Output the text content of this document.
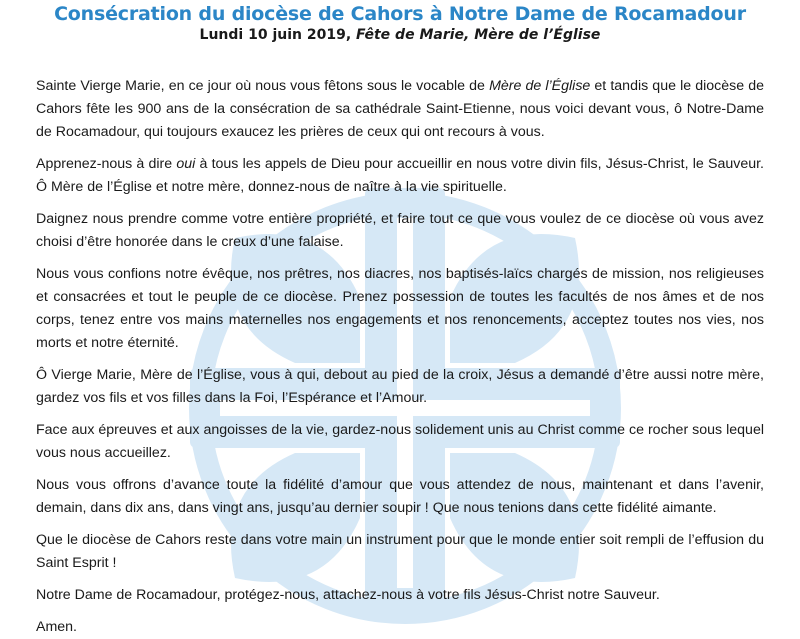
Consécration du diocèse de Cahors à Notre Dame de Rocamadour

Lundi 10 juin 2019, Fête de Marie, Mère de l’Église

Sainte Vierge Marie, en ce jour où nous vous fêtons sous le vocable de Mère de l’Église et tandis que le diocèse de Cahors fête les 900 ans de la consécration de sa cathédrale Saint-Etienne, nous voici devant vous, ô Notre-Dame de Rocamadour, qui toujours exaucez les prières de ceux qui ont recours à vous.

Apprenez-nous à dire oui à tous les appels de Dieu pour accueillir en nous votre divin fils, Jésus-Christ, le Sauveur. Ô Mère de l’Église et notre mère, donnez-nous de naître à la vie spirituelle.

Daignez nous prendre comme votre entière propriété, et faire tout ce que vous voulez de ce diocèse où vous avez choisi d’être honorée dans le creux d’une falaise.

Nous vous confions notre évêque, nos prêtres, nos diacres, nos baptisés-laïcs chargés de mission, nos religieuses et consacrées et tout le peuple de ce diocèse. Prenez possession de toutes les facultés de nos âmes et de nos corps, tenez entre vos mains maternelles nos engagements et nos renoncements, acceptez toutes nos vies, nos morts et notre éternité.

Ô Vierge Marie, Mère de l’Église, vous à qui, debout au pied de la croix, Jésus a demandé d’être aussi notre mère, gardez vos fils et vos filles dans la Foi, l’Espérance et l’Amour.

Face aux épreuves et aux angoisses de la vie, gardez-nous solidement unis au Christ comme ce rocher sous lequel vous nous accueillez.

Nous vous offrons d’avance toute la fidélité d’amour que vous attendez de nous, maintenant et dans l’avenir, demain, dans dix ans, dans vingt ans, jusqu’au dernier soupir ! Que nous tenions dans cette fidélité aimante.

Que le diocèse de Cahors reste dans votre main un instrument pour que le monde entier soit rempli de l’effusion du Saint Esprit !

Notre Dame de Rocamadour, protégez-nous, attachez-nous à votre fils Jésus-Christ notre Sauveur.

Amen.
